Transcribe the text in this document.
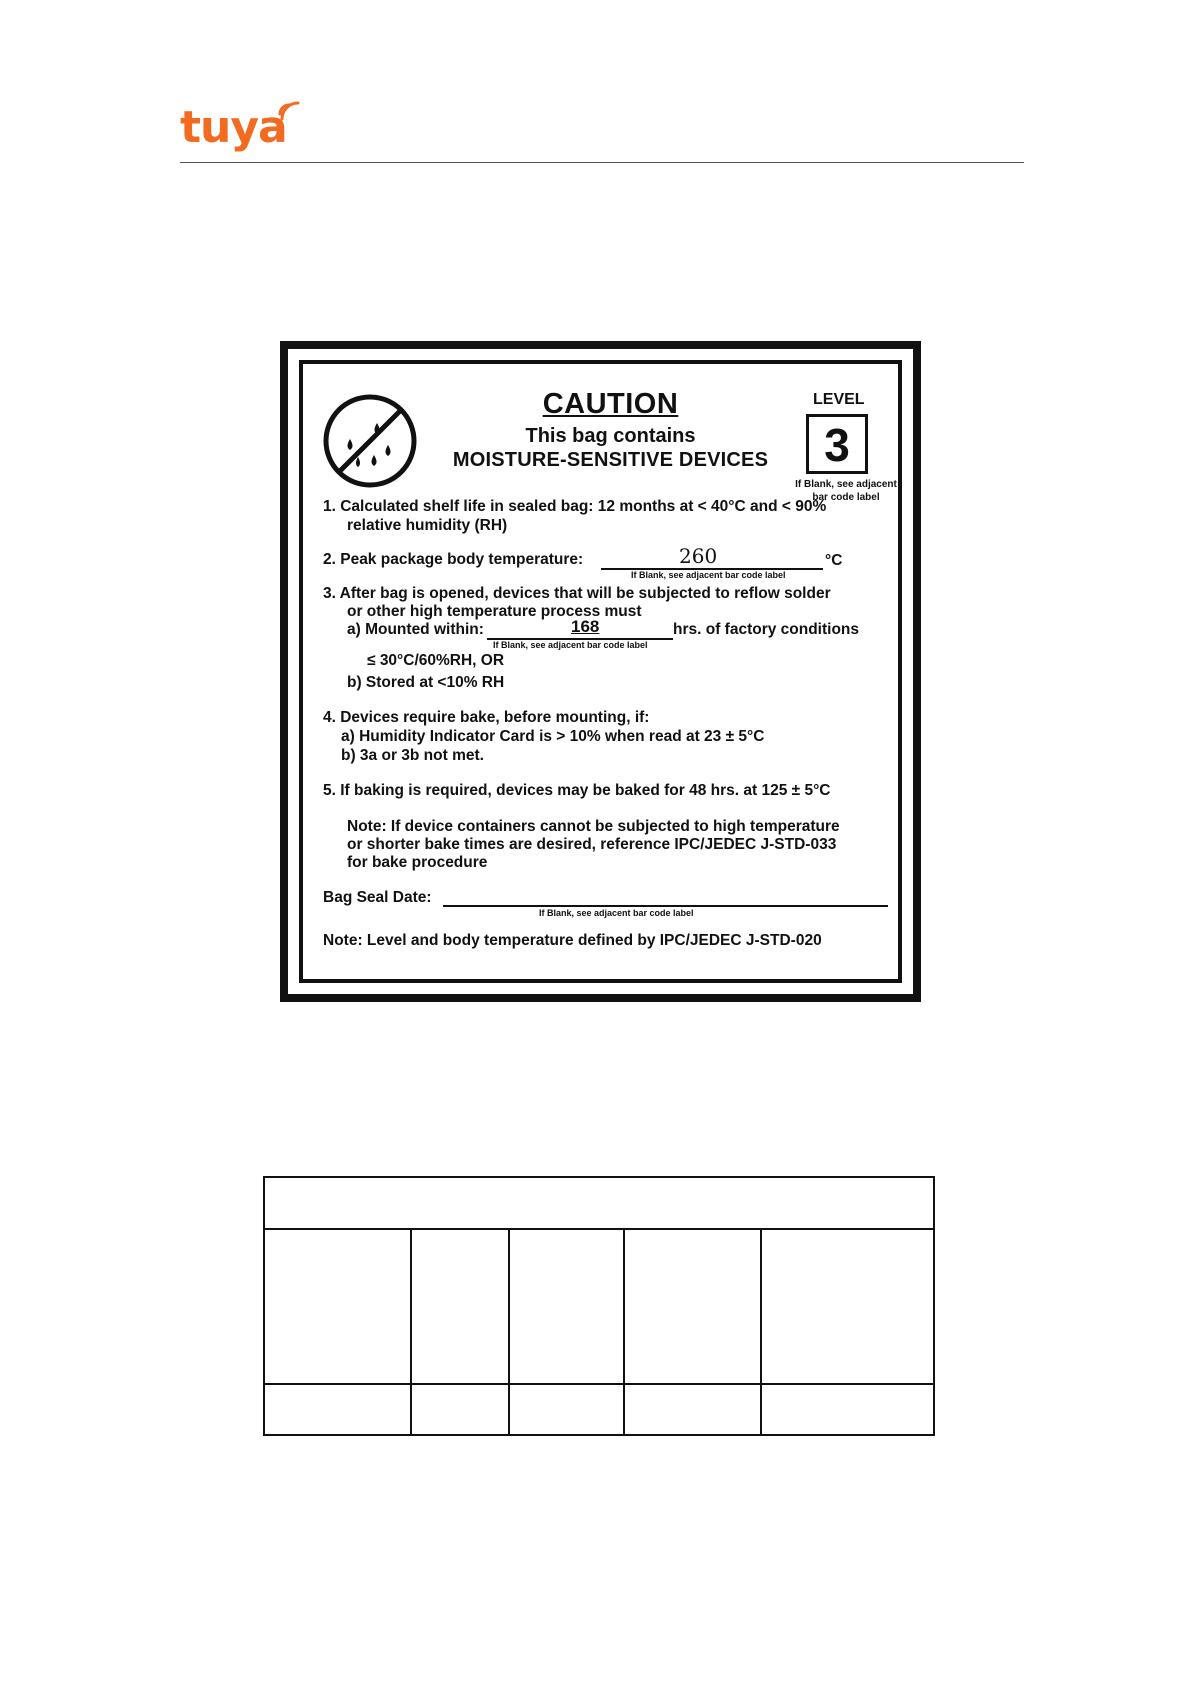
tuya
CAUTION
This bag contains
MOISTURE-SENSITIVE DEVICES
LEVEL
3
If Blank, see adjacent bar code label
1. Calculated shelf life in sealed bag: 12 months at < 40°C and < 90%
relative humidity (RH)
2. Peak package body temperature:	260	°C
If Blank, see adjacent bar code label
3. After bag is opened, devices that will be subjected to reflow solder
or other high temperature process must
a) Mounted within:	168	hrs. of factory conditions
If Blank, see adjacent bar code label
≤ 30°C/60%RH, OR
b) Stored at <10% RH
4. Devices require bake, before mounting, if:
a) Humidity Indicator Card is > 10% when read at 23 ± 5°C
b) 3a or 3b not met.
5. If baking is required, devices may be baked for 48 hrs. at 125 ± 5°C
Note: If device containers cannot be subjected to high temperature
or shorter bake times are desired, reference IPC/JEDEC J-STD-033
for bake procedure
Bag Seal Date:
If Blank, see adjacent bar code label
Note: Level and body temperature defined by IPC/JEDEC J-STD-020
